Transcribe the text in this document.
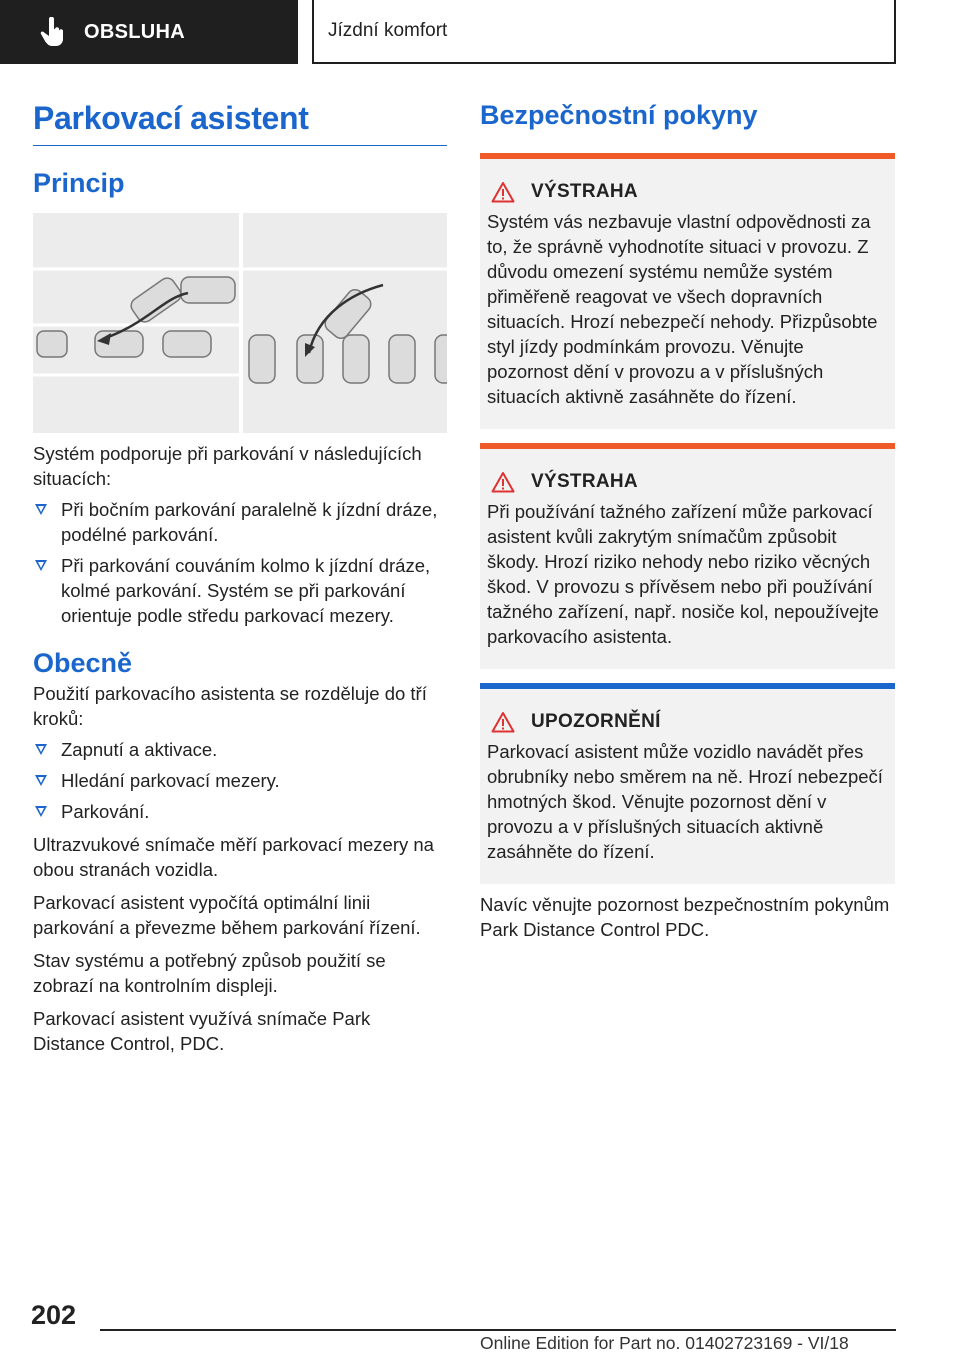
OBSLUHA	Jízdní komfort
Parkovací asistent
Princip

Systém podporuje při parkování v následujících situacích:

Při bočním parkování paralelně k jízdní dráze, podélné parkování.
Při parkování couváním kolmo k jízdní dráze, kolmé parkování. Systém se při parkování orientuje podle středu parkovací mezery.
Obecně

Použití parkovacího asistenta se rozděluje do tří kroků:

Zapnutí a aktivace.
Hledání parkovací mezery.
Parkování.

Ultrazvukové snímače měří parkovací mezery na obou stranách vozidla.

Parkovací asistent vypočítá optimální linii parkování a převezme během parkování řízení.

Stav systému a potřebný způsob použití se zobrazí na kontrolním displeji.

Parkovací asistent využívá snímače Park Distance Control, PDC.

Bezpečnostní pokyny
VÝSTRAHA

Systém vás nezbavuje vlastní odpovědnosti za to, že správně vyhodnotíte situaci v provozu. Z důvodu omezení systému nemůže systém přiměřeně reagovat ve všech dopravních situacích. Hrozí nebezpečí nehody. Přizpůsobte styl jízdy podmínkám provozu. Věnujte pozornost dění v provozu a v příslušných situacích aktivně zasáhněte do řízení.

VÝSTRAHA

Při používání tažného zařízení může parkovací asistent kvůli zakrytým snímačům způsobit škody. Hrozí riziko nehody nebo riziko věcných škod. V provozu s přívěsem nebo při používání tažného zařízení, např. nosiče kol, nepoužívejte parkovacího asistenta.

UPOZORNĚNÍ

Parkovací asistent může vozidlo navádět přes obrubníky nebo směrem na ně. Hrozí nebezpečí hmotných škod. Věnujte pozornost dění v provozu a v příslušných situacích aktivně zasáhněte do řízení.

Navíc věnujte pozornost bezpečnostním pokynům Park Distance Control PDC.

202
Online Edition for Part no. 01402723169 - VI/18
